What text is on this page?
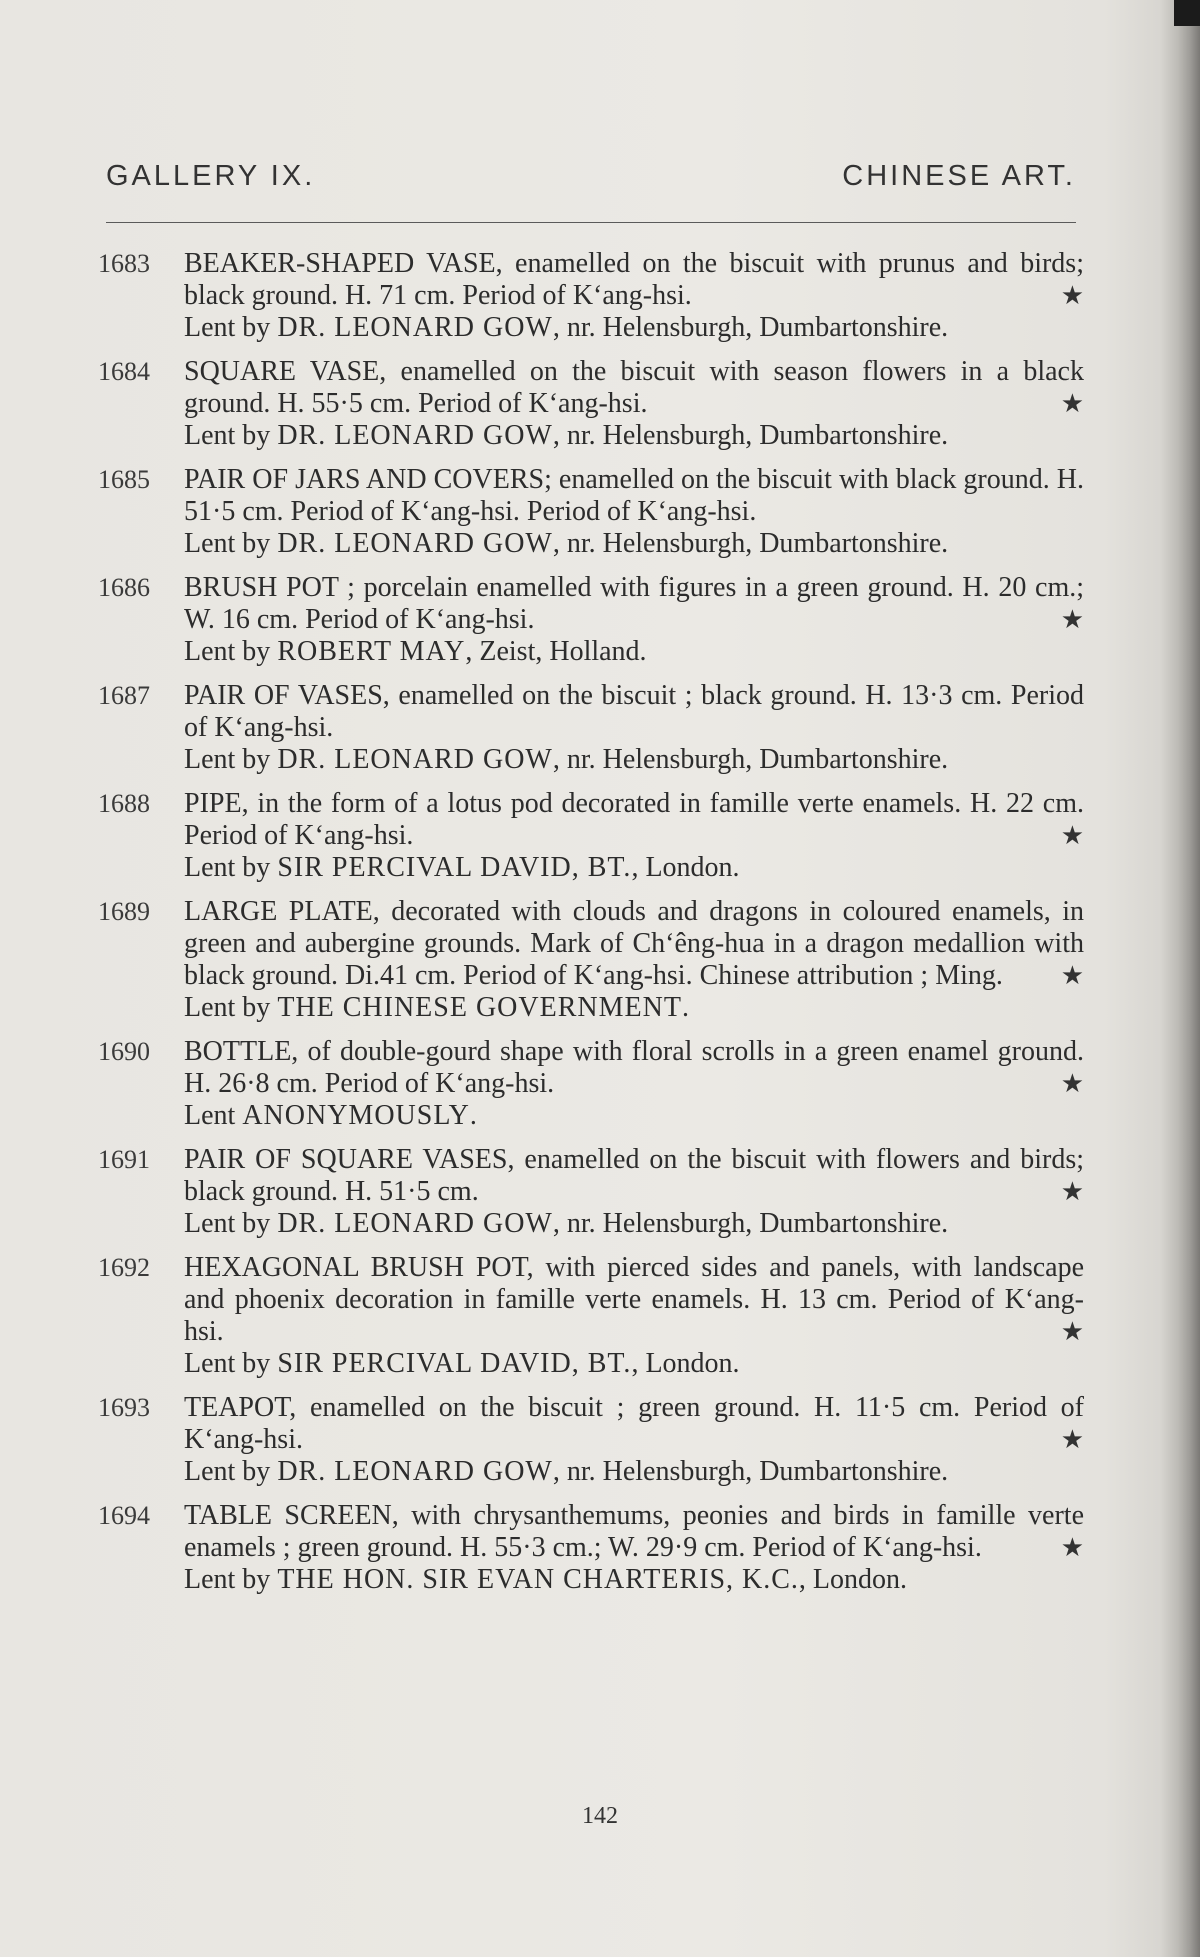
GALLERY IX.	CHINESE ART.
1683	BEAKER-SHAPED VASE, enamelled on the biscuit with prunus and birds; black ground. H. 71 cm. Period of K‘ang-hsi.	★
Lent by DR. LEONARD GOW, nr. Helensburgh, Dumbartonshire.
1684	SQUARE VASE, enamelled on the biscuit with season flowers in a black ground. H. 55·5 cm. Period of K‘ang-hsi.	★
Lent by DR. LEONARD GOW, nr. Helensburgh, Dumbartonshire.
1685	PAIR OF JARS AND COVERS; enamelled on the biscuit with black ground. H. 51·5 cm. Period of K‘ang-hsi. Period of K‘ang-hsi.
Lent by DR. LEONARD GOW, nr. Helensburgh, Dumbartonshire.
1686	BRUSH POT ; porcelain enamelled with figures in a green ground. H. 20 cm.; W. 16 cm. Period of K‘ang-hsi.	★
Lent by ROBERT MAY, Zeist, Holland.
1687	PAIR OF VASES, enamelled on the biscuit ; black ground. H. 13·3 cm. Period of K‘ang-hsi.
Lent by DR. LEONARD GOW, nr. Helensburgh, Dumbartonshire.
1688	PIPE, in the form of a lotus pod decorated in famille verte enamels. H. 22 cm. Period of K‘ang-hsi.	★
Lent by SIR PERCIVAL DAVID, BT., London.
1689	LARGE PLATE, decorated with clouds and dragons in coloured enamels, in green and aubergine grounds. Mark of Ch‘êng-hua in a dragon medallion with black ground. Di.41 cm. Period of K‘ang-hsi. Chinese attribution ; Ming. ★
Lent by THE CHINESE GOVERNMENT.
1690	BOTTLE, of double-gourd shape with floral scrolls in a green enamel ground. H. 26·8 cm. Period of K‘ang-hsi.	★
Lent ANONYMOUSLY.
1691	PAIR OF SQUARE VASES, enamelled on the biscuit with flowers and birds; black ground. H. 51·5 cm.	★
Lent by DR. LEONARD GOW, nr. Helensburgh, Dumbartonshire.
1692	HEXAGONAL BRUSH POT, with pierced sides and panels, with landscape and phoenix decoration in famille verte enamels. H. 13 cm. Period of K‘ang-hsi.	★
Lent by SIR PERCIVAL DAVID, BT., London.
1693	TEAPOT, enamelled on the biscuit ; green ground. H. 11·5 cm. Period of K‘ang-hsi.	★
Lent by DR. LEONARD GOW, nr. Helensburgh, Dumbartonshire.
1694	TABLE SCREEN, with chrysanthemums, peonies and birds in famille verte enamels ; green ground. H. 55·3 cm.; W. 29·9 cm. Period of K‘ang-hsi.	★
Lent by THE HON. SIR EVAN CHARTERIS, K.C., London.
142
